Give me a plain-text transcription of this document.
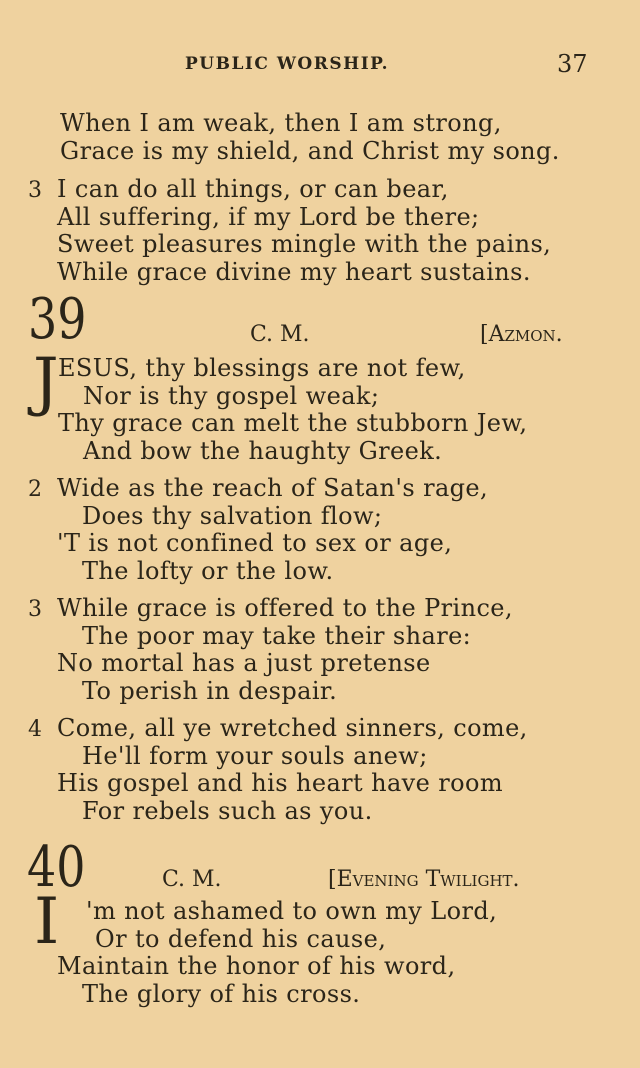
PUBLIC WORSHIP.	37
When I am weak, then I am strong,
Grace is my shield, and Christ my song.
3 I can do all things, or can bear,
All suffering, if my Lord be there;
Sweet pleasures mingle with the pains,
While grace divine my heart sustains.
39	C. M.	[Azmon.
J ESUS, thy blessings are not few,
Nor is thy gospel weak;
Thy grace can melt the stubborn Jew,
And bow the haughty Greek.
2 Wide as the reach of Satan's rage,
Does thy salvation flow;
'T is not confined to sex or age,
The lofty or the low.
3 While grace is offered to the Prince,
The poor may take their share:
No mortal has a just pretense
To perish in despair.
4 Come, all ye wretched sinners, come,
He'll form your souls anew;
His gospel and his heart have room
For rebels such as you.
40	C. M.	[Evening Twilight.
I	'm not ashamed to own my Lord,
Or to defend his cause,
Maintain the honor of his word,
The glory of his cross.
